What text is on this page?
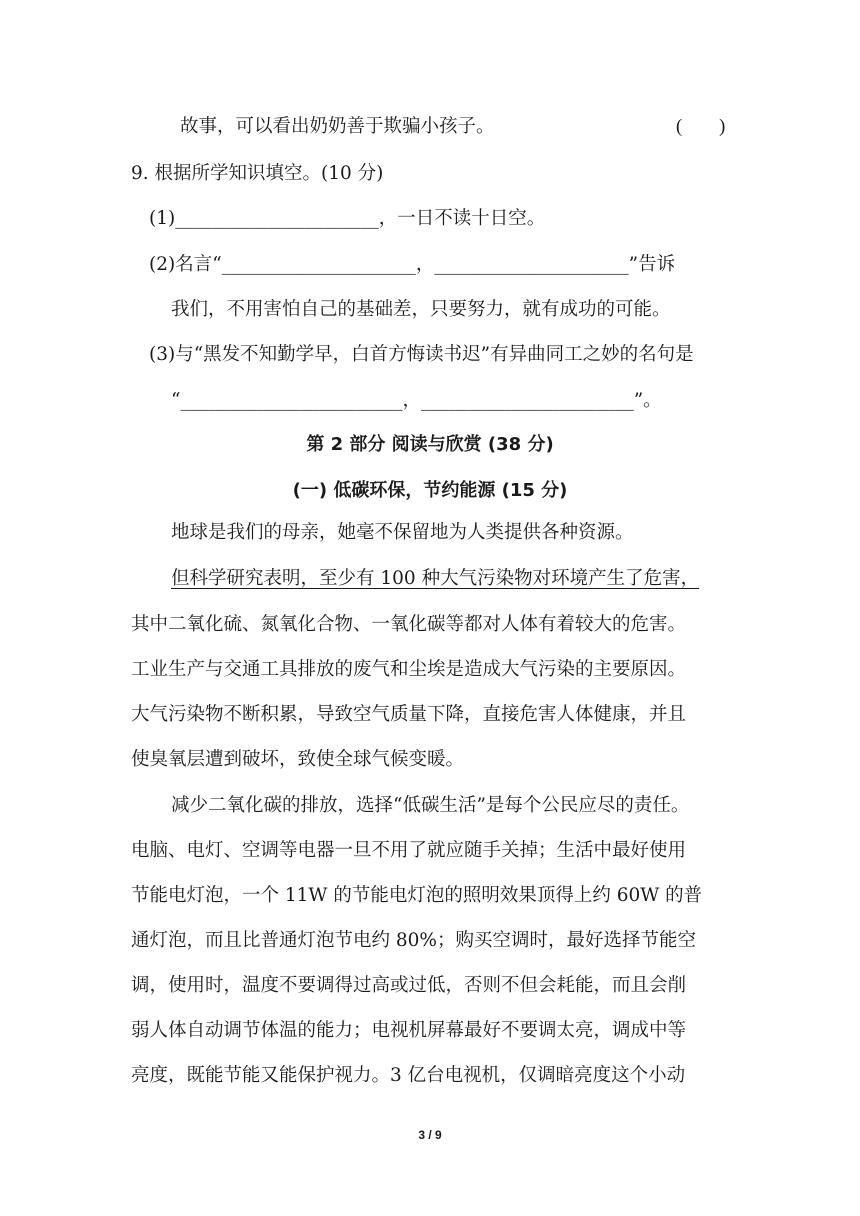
故事，可以看出奶奶善于欺骗小孩子。	(　　)
9. 根据所学知识填空。(10 分)
(1)______________________，一日不读十日空。
(2)名言“_____________________，_____________________”告诉
我们，不用害怕自己的基础差，只要努力，就有成功的可能。
(3)与“黑发不知勤学早，白首方悔读书迟”有异曲同工之妙的名句是
“________________________，_______________________”。
第 2 部分 阅读与欣赏 (38 分)
(一) 低碳环保，节约能源 (15 分)
地球是我们的母亲，她毫不保留地为人类提供各种资源。
但科学研究表明，至少有 100 种大气污染物对环境产生了危害，
其中二氧化硫、氮氧化合物、一氧化碳等都对人体有着较大的危害。
工业生产与交通工具排放的废气和尘埃是造成大气污染的主要原因。
大气污染物不断积累，导致空气质量下降，直接危害人体健康，并且
使臭氧层遭到破坏，致使全球气候变暖。
减少二氧化碳的排放，选择“低碳生活”是每个公民应尽的责任。
电脑、电灯、空调等电器一旦不用了就应随手关掉；生活中最好使用
节能电灯泡，一个 11W 的节能电灯泡的照明效果顶得上约 60W 的普
通灯泡，而且比普通灯泡节电约 80%；购买空调时，最好选择节能空
调，使用时，温度不要调得过高或过低，否则不但会耗能，而且会削
弱人体自动调节体温的能力；电视机屏幕最好不要调太亮，调成中等
亮度，既能节能又能保护视力。3 亿台电视机，仅调暗亮度这个小动
3 / 9
